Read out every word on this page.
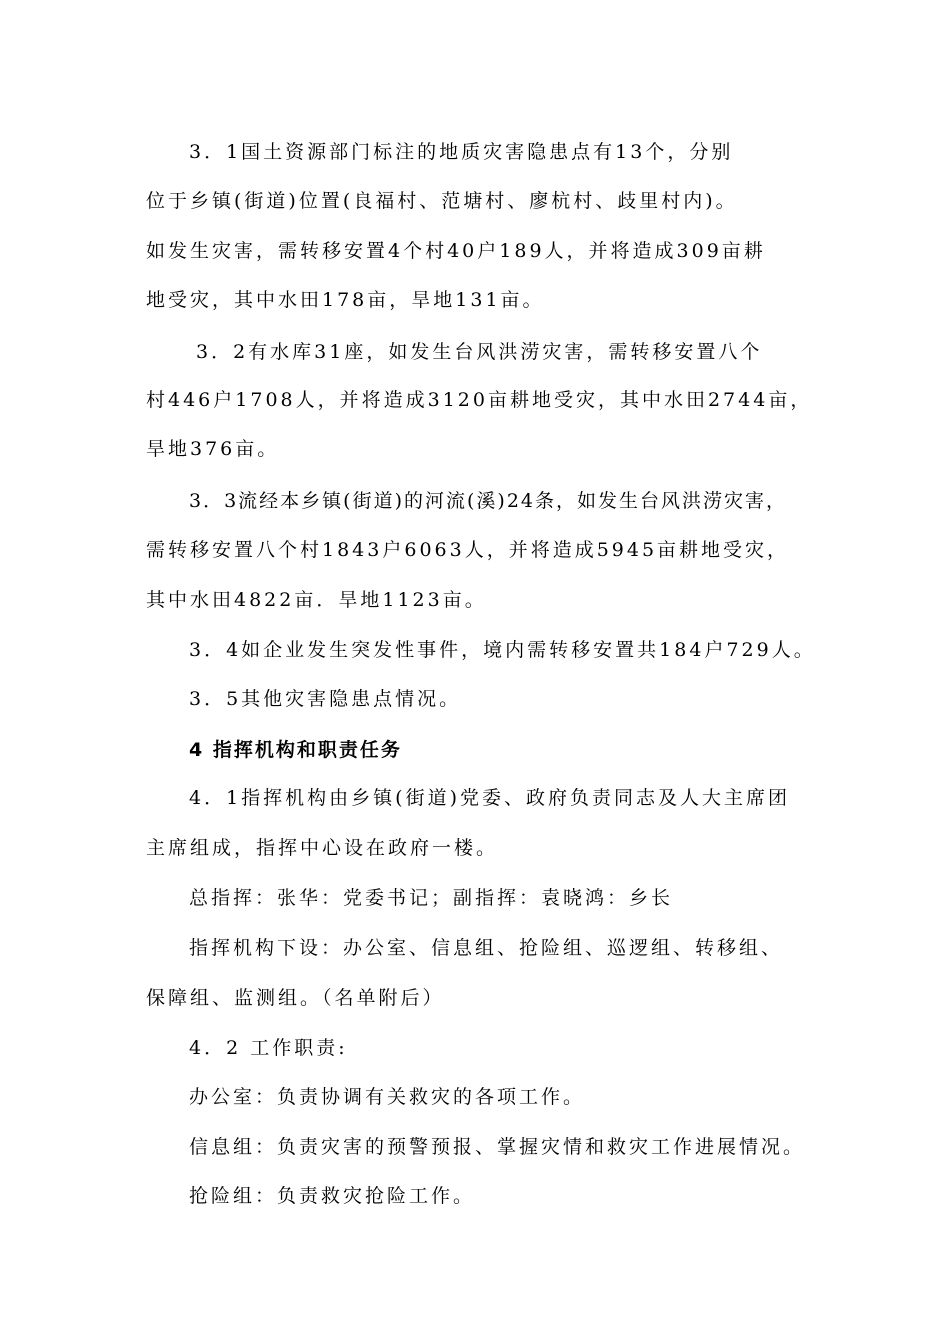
3．1国土资源部门标注的地质灾害隐患点有13个，分别
位于乡镇(街道)位置(良福村、范塘村、廖杭村、歧里村内)。
如发生灾害，需转移安置4个村40户189人，并将造成309亩耕
地受灾，其中水田178亩，旱地131亩。
3．2有水库31座，如发生台风洪涝灾害，需转移安置八个
村446户1708人，并将造成3120亩耕地受灾，其中水田2744亩，
旱地376亩。
3．3流经本乡镇(街道)的河流(溪)24条，如发生台风洪涝灾害，
需转移安置八个村1843户6063人，并将造成5945亩耕地受灾，
其中水田4822亩．旱地1123亩。
3．4如企业发生突发性事件，境内需转移安置共184户729人。
3．5其他灾害隐患点情况。
4 指挥机构和职责任务
4．1指挥机构由乡镇(街道)党委、政府负责同志及人大主席团
主席组成，指挥中心设在政府一楼。
总指挥：张华：党委书记；副指挥：袁晓鸿：乡长
指挥机构下设：办公室、信息组、抢险组、巡逻组、转移组、
保障组、监测组。（名单附后）
4．2 工作职责:
办公室：负责协调有关救灾的各项工作。
信息组：负责灾害的预警预报、掌握灾情和救灾工作进展情况。
抢险组：负责救灾抢险工作。
